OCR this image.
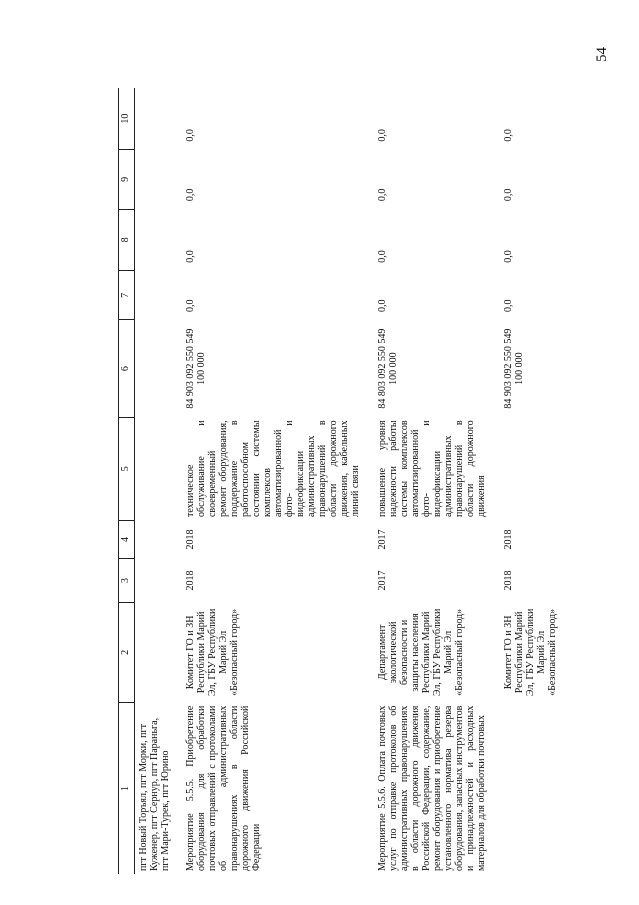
54
1	2	3	4	5	6	7	8	9	10
пгт Новый Торъял, пгт Морки, пгт Куженер, пгт Сернур, пгт Параньга, пгт Мари-Турек, пгт Юрино									
Мероприятие 5.5.5. Приобретение оборудования для обработки почтовых отправлений с протоколами об административных правонарушениях в области дорожного движения Российской Федерации	Комитет ГО и ЗН Республики Марий Эл, ГБУ Республики Марий Эл «Безопасный город»	2018	2018	техническое обслуживание и своевременный ремонт оборудования, поддержание в работоспособном состоянии системы комплексов автоматизированной фото- и видеофиксации административных правонарушений в области дорожного движения, кабельных линий связи	84 903 092 550 549 100 000	0,0	0,0	0,0	0,0
Мероприятие 5.5.6. Оплата почтовых услуг по отправке протоколов об административных правонарушениях в области дорожного движения Российской Федерации, содержание, ремонт оборудования и приобретение установленного норматива резерва оборудования, запасных инструментов и принадлежностей и расходных материалов для обработки почтовых	Департамент экологической безопасности и защиты населения Республики Марий Эл, ГБУ Республики Марий Эл «Безопасный город»	2017	2017	повышение уровня надежности работы системы комплексов автоматизированной фото- и видеофиксации административных правонарушений в области дорожного движения	84 803 092 550 549 100 000	0,0	0,0	0,0	0,0
	Комитет ГО и ЗН Республики Марий Эл, ГБУ Республики Марий Эл «Безопасный город»	2018	2018		84 903 092 550 549 100 000	0,0	0,0	0,0	0,0
